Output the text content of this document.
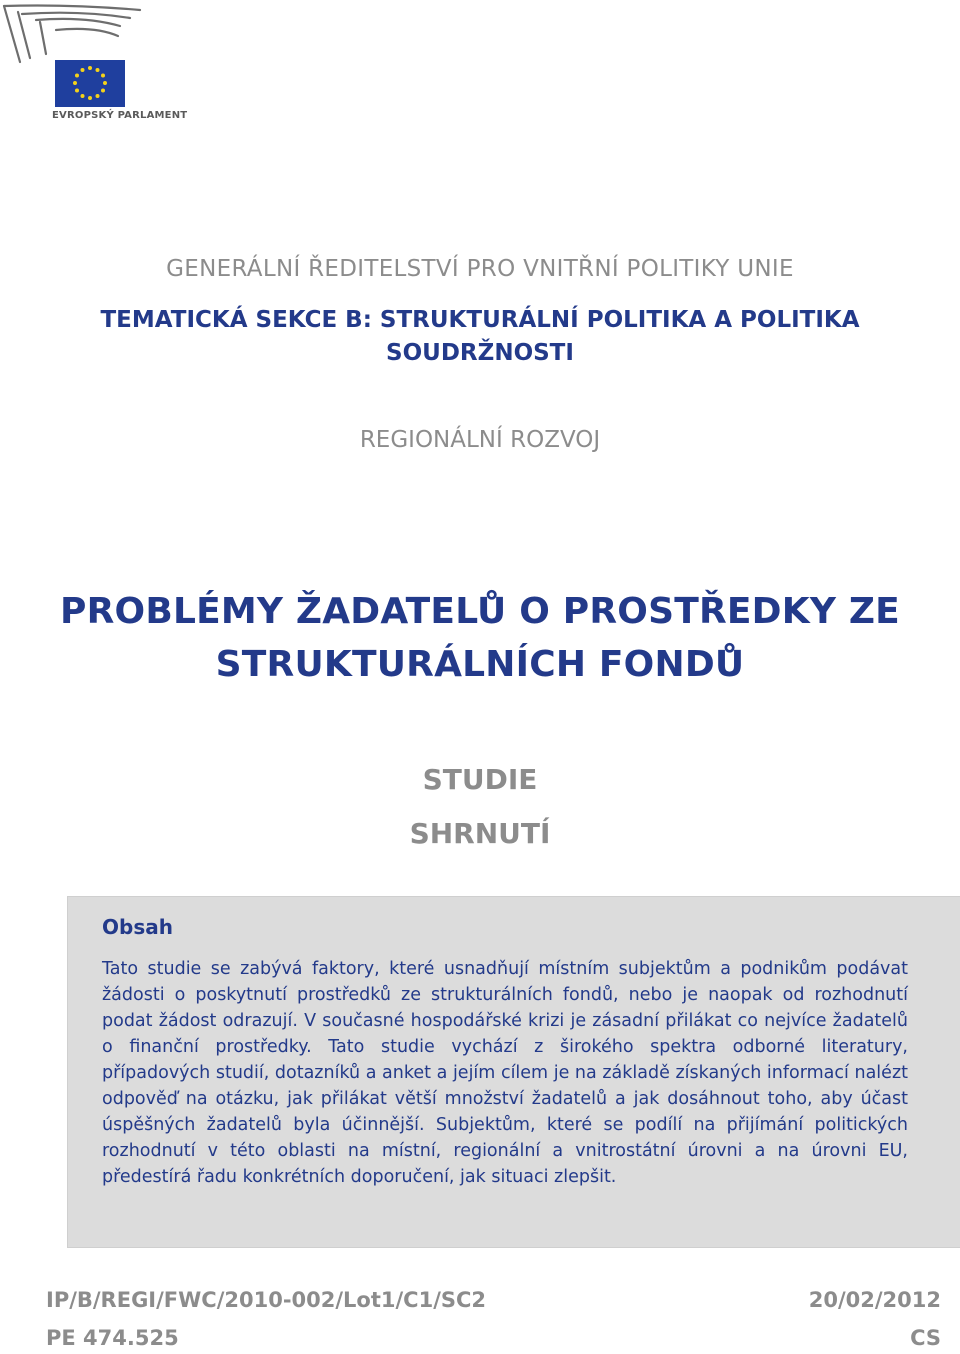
EVROPSKÝ PARLAMENT
GENERÁLNÍ ŘEDITELSTVÍ PRO VNITŘNÍ POLITIKY UNIE
TEMATICKÁ SEKCE B: STRUKTURÁLNÍ POLITIKA A POLITIKA
SOUDRŽNOSTI
REGIONÁLNÍ ROZVOJ
PROBLÉMY ŽADATELŮ O PROSTŘEDKY ZE
STRUKTURÁLNÍCH FONDŮ
STUDIE
SHRNUTÍ
Obsah
Tato studie se zabývá faktory, které usnadňují místním subjektům a podnikům podávat žádosti o poskytnutí prostředků ze strukturálních fondů, nebo je naopak od rozhodnutí podat žádost odrazují. V současné hospodářské krizi je zásadní přilákat co nejvíce žadatelů o finanční prostředky. Tato studie vychází z širokého spektra odborné literatury, případových studií, dotazníků a anket a jejím cílem je na základě získaných informací nalézt odpověď na otázku, jak přilákat větší množství žadatelů a jak dosáhnout toho, aby účast úspěšných žadatelů byla účinnější. Subjektům, které se podílí na přijímání politických rozhodnutí v této oblasti na místní, regionální a vnitrostátní úrovni a na úrovni EU, předestírá řadu konkrétních doporučení, jak situaci zlepšit.
IP/B/REGI/FWC/2010-002/Lot1/C1/SC2	20/02/2012
PE 474.525	CS
